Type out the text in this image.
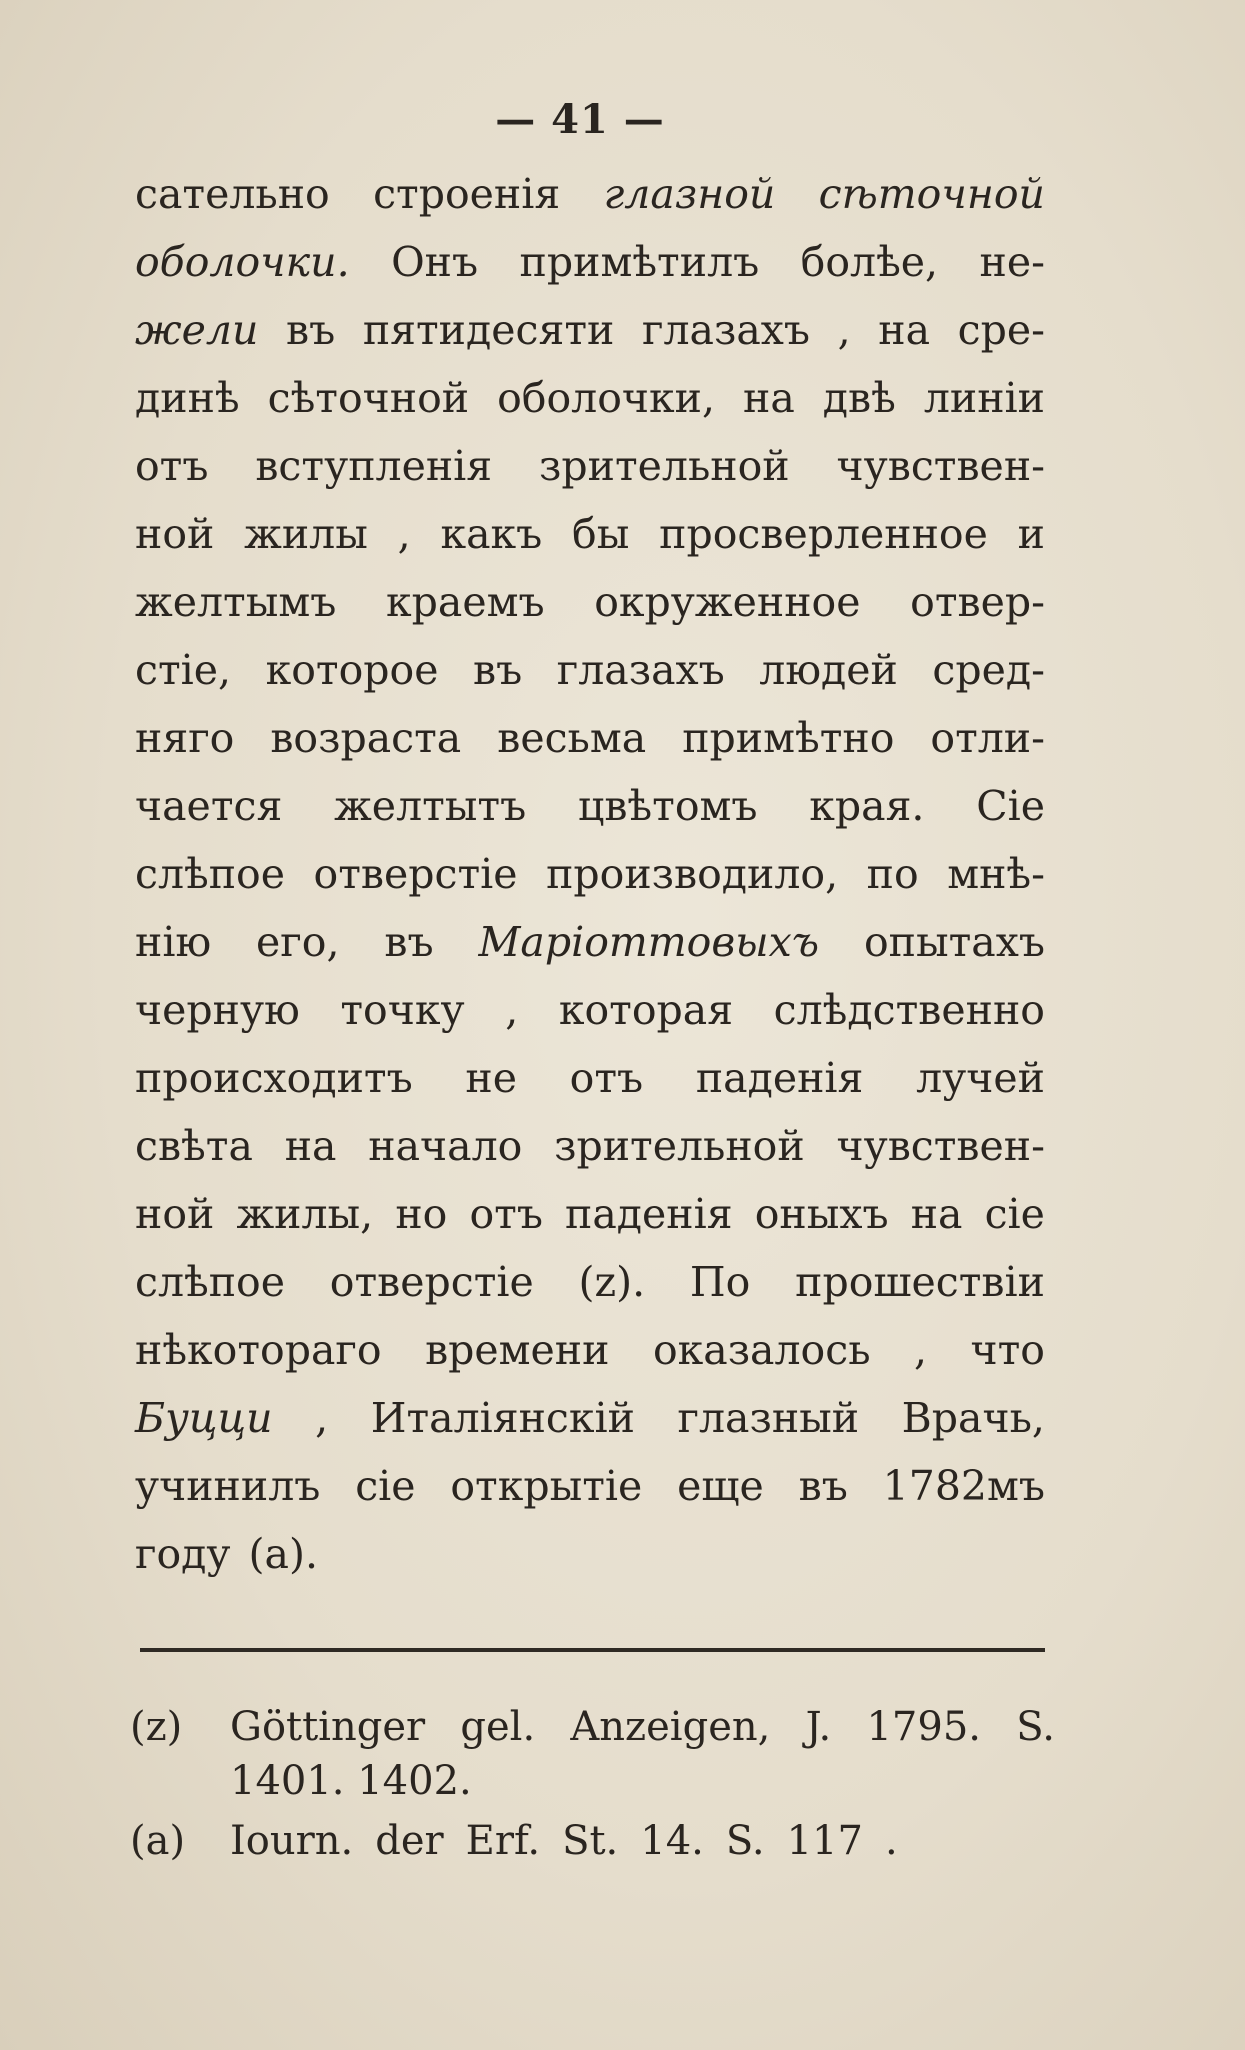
— 41 —
сательно строенія глазной сѣточной
оболочки. Онъ примѣтилъ болѣе, не-
жели въ пятидесяти глазахъ , на сре-
динѣ сѣточной оболочки, на двѣ линіи
отъ вступленія зрительной чувствен-
ной жилы , какъ бы просверленное и
желтымъ краемъ окруженное отвер-
стіе, которое въ глазахъ людей сред-
няго возраста весьма примѣтно отли-
чается желтытъ цвѣтомъ края. Сіе
слѣпое отверстіе производило, по мнѣ-
нію его, въ Маріоттовыхъ опытахъ
черную точку , которая слѣдственно
происходитъ не отъ паденія лучей
свѣта на начало зрительной чувствен-
ной жилы, но отъ паденія оныхъ на сіе
слѣпое отверстіе (z). По прошествіи
нѣкотораго времени оказалось , что
Буцци , Италіянскій глазный Врачь,
учинилъ сіе открытіе еще въ 1782мъ
году (a).
(z)	Göttinger gel. Anzeigen, J. 1795. S.
1401. 1402.
(a)	Iourn. der Erf. St. 14. S. 117 .
